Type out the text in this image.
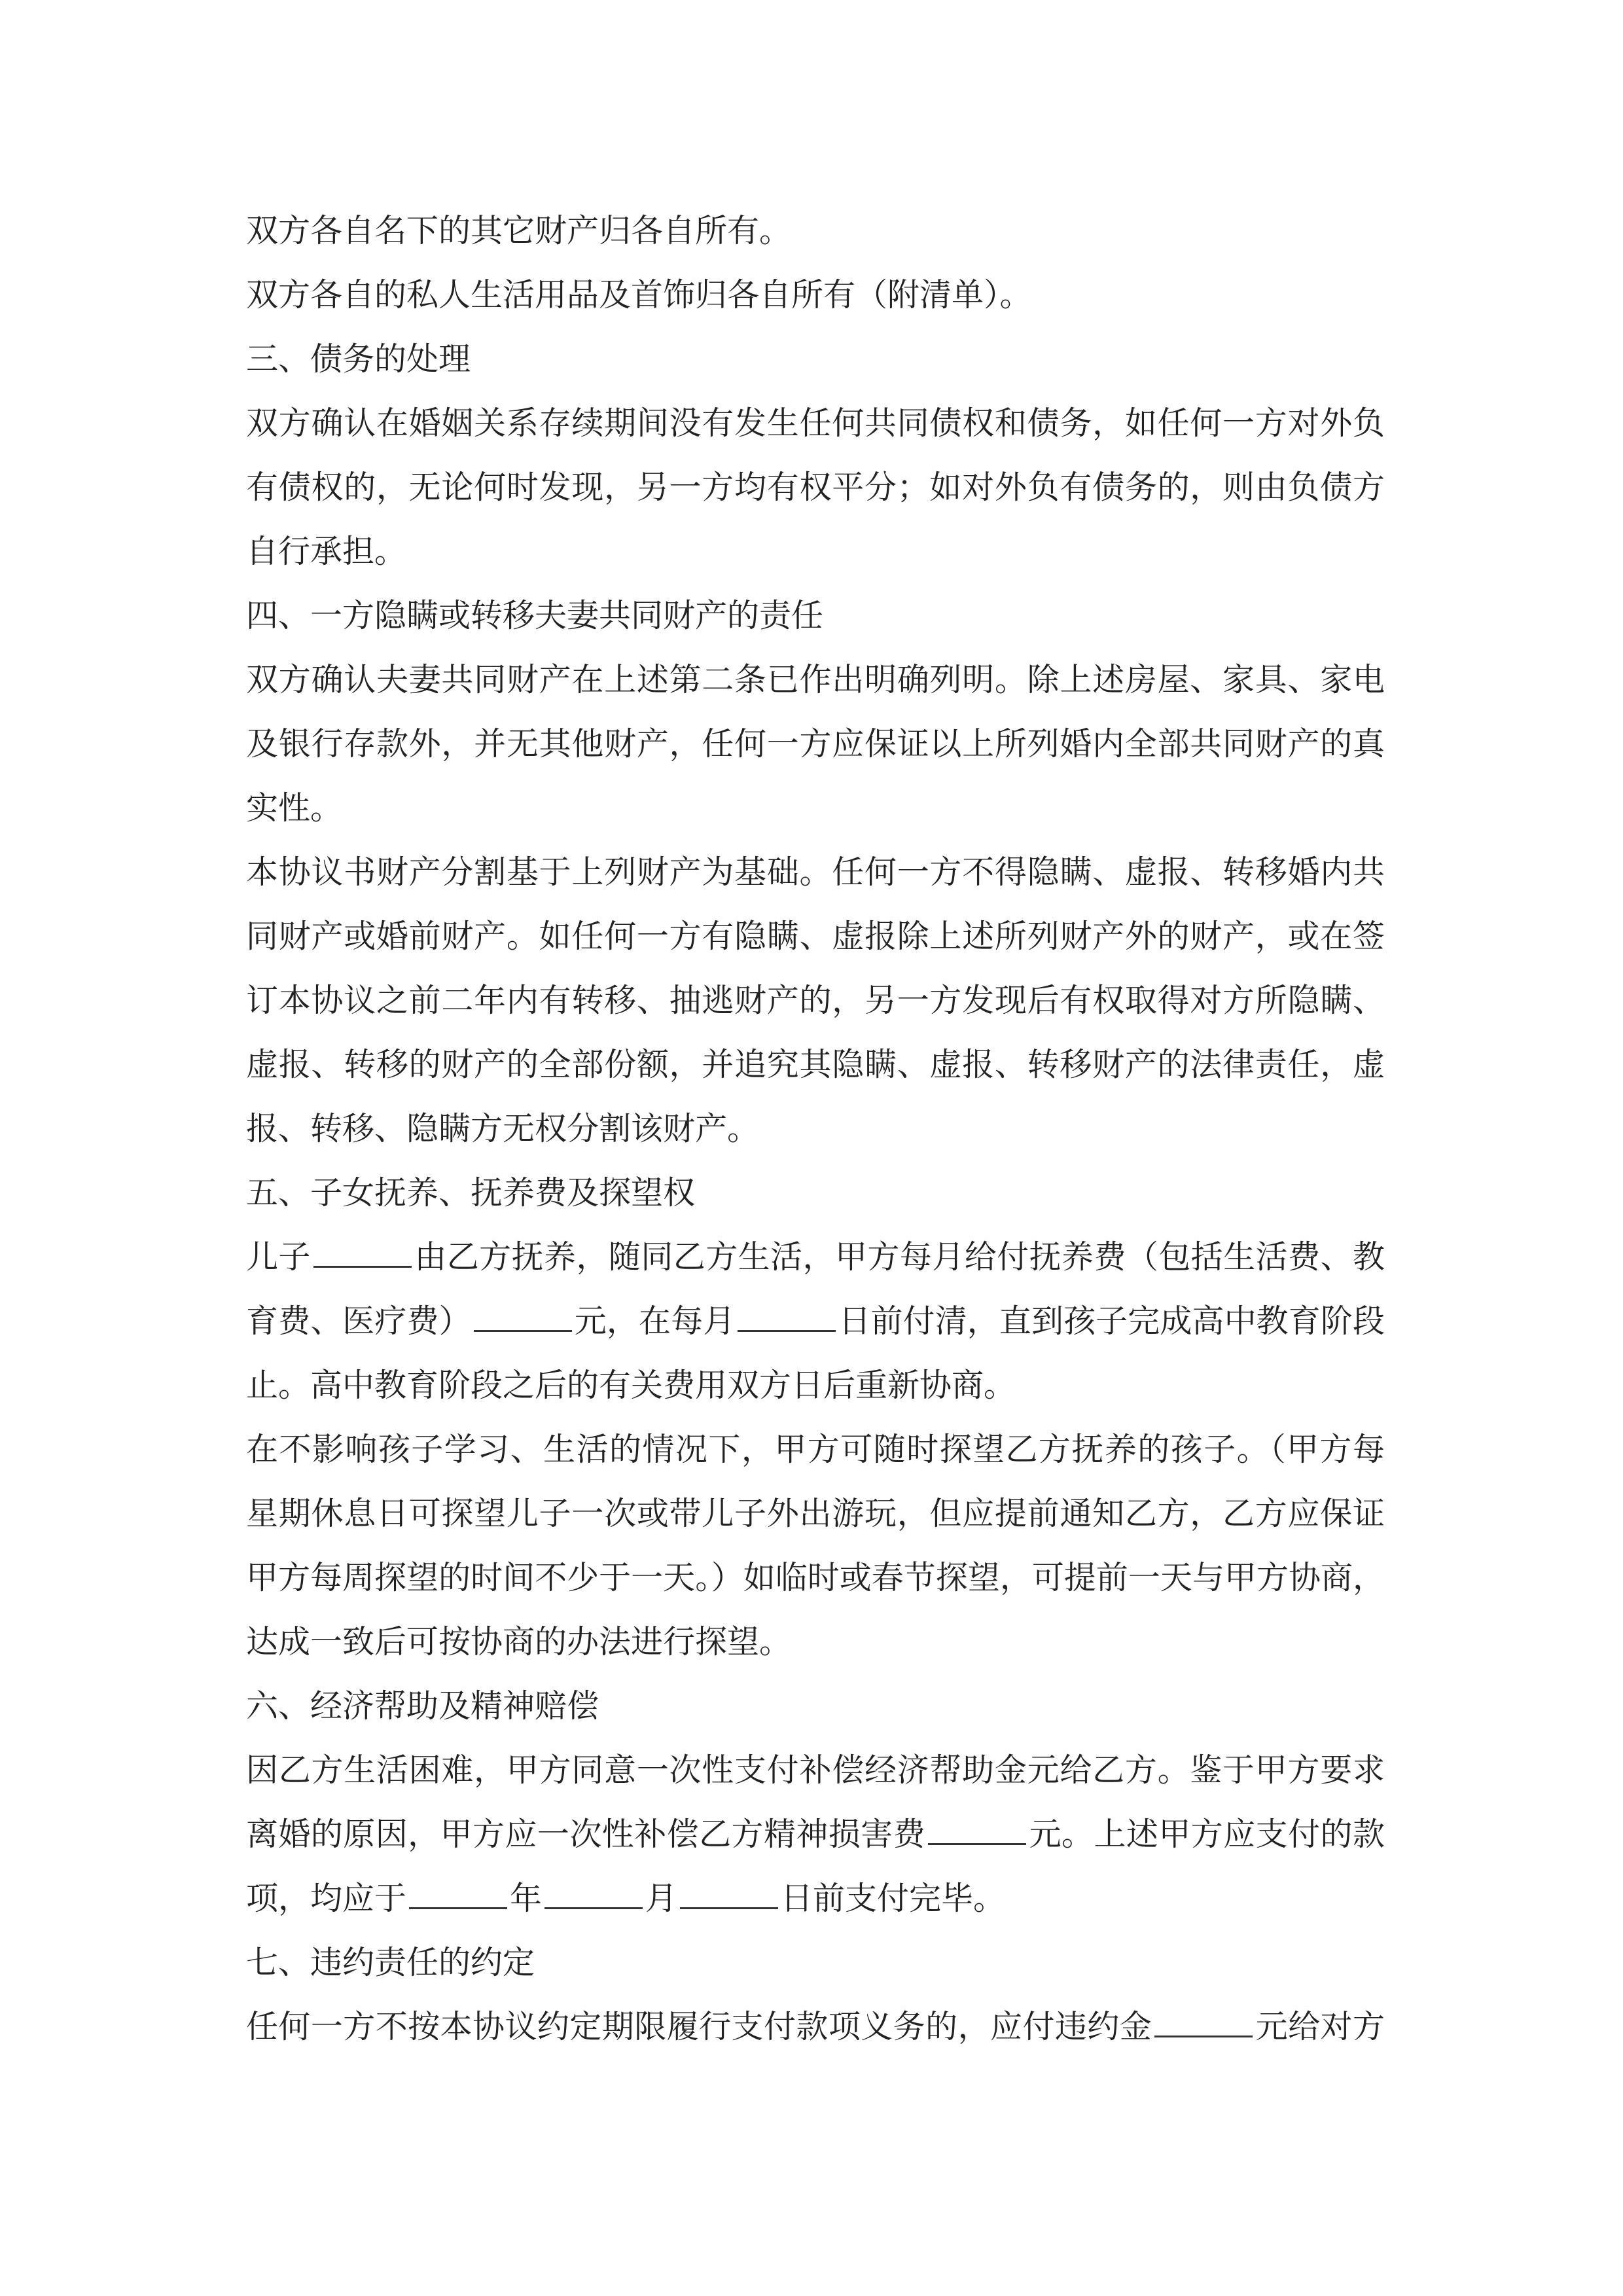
双方各自名下的其它财产归各自所有。
双方各自的私人生活用品及首饰归各自所有（附清单）。
三、债务的处理
双方确认在婚姻关系存续期间没有发生任何共同债权和债务，如任何一方对外负
有债权的，无论何时发现，另一方均有权平分；如对外负有债务的，则由负债方
自行承担。
四、一方隐瞒或转移夫妻共同财产的责任
双方确认夫妻共同财产在上述第二条已作出明确列明。除上述房屋、家具、家电
及银行存款外，并无其他财产，任何一方应保证以上所列婚内全部共同财产的真
实性。
本协议书财产分割基于上列财产为基础。任何一方不得隐瞒、虚报、转移婚内共
同财产或婚前财产。如任何一方有隐瞒、虚报除上述所列财产外的财产，或在签
订本协议之前二年内有转移、抽逃财产的，另一方发现后有权取得对方所隐瞒、
虚报、转移的财产的全部份额，并追究其隐瞒、虚报、转移财产的法律责任，虚
报、转移、隐瞒方无权分割该财产。
五、子女抚养、抚养费及探望权
儿子	由乙方抚养，随同乙方生活，甲方每月给付抚养费（包括生活费、教
育费、医疗费）	元，在每月	日前付清，直到孩子完成高中教育阶段
止。高中教育阶段之后的有关费用双方日后重新协商。
在不影响孩子学习、生活的情况下，甲方可随时探望乙方抚养的孩子。（甲方每
星期休息日可探望儿子一次或带儿子外出游玩，但应提前通知乙方，乙方应保证
甲方每周探望的时间不少于一天。）如临时或春节探望，可提前一天与甲方协商，
达成一致后可按协商的办法进行探望。
六、经济帮助及精神赔偿
因乙方生活困难，甲方同意一次性支付补偿经济帮助金元给乙方。鉴于甲方要求
离婚的原因，甲方应一次性补偿乙方精神损害费	元。上述甲方应支付的款
项，均应于	年	月	日前支付完毕。
七、违约责任的约定
任何一方不按本协议约定期限履行支付款项义务的，应付违约金	元给对方
